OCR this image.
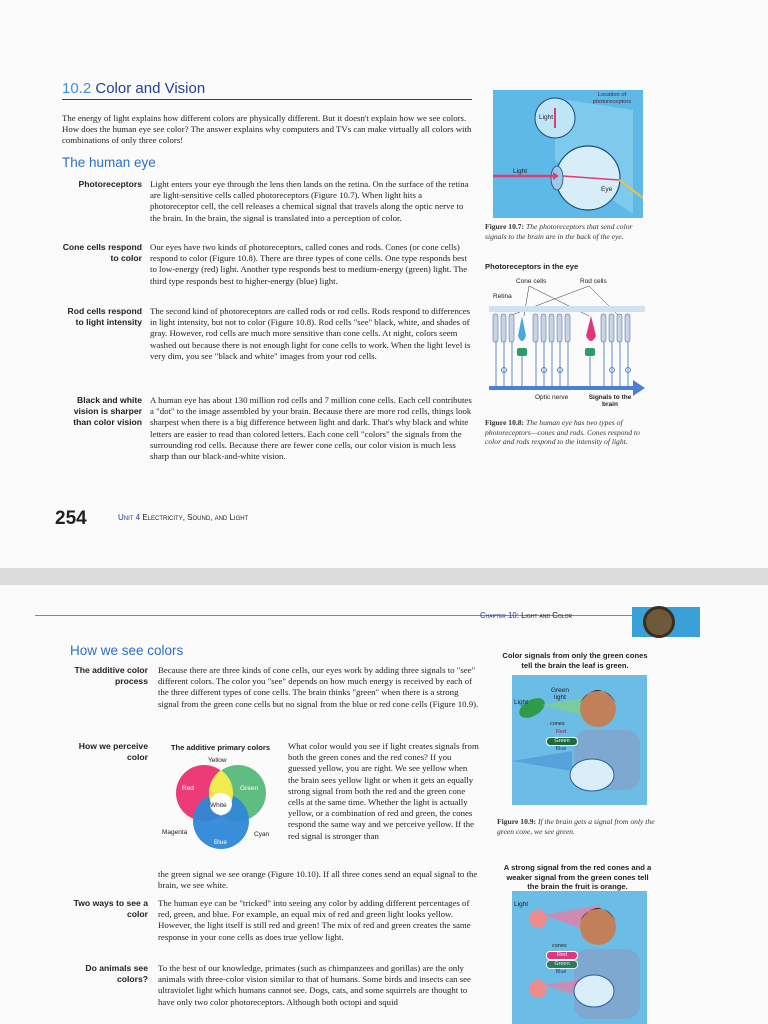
10.2 Color and Vision
The energy of light explains how different colors are physically different. But it doesn't explain how we see colors. How does the human eye see color? The answer explains why computers and TVs can make virtually all colors with combinations of only three colors!
The human eye
Photoreceptors Light enters your eye through the lens then lands on the retina. On the surface of the retina are light-sensitive cells called photoreceptors (Figure 10.7). When light hits a photoreceptor cell, the cell releases a chemical signal that travels along the optic nerve to the brain. In the brain, the signal is translated into a perception of color.
Cone cells respond to color
Our eyes have two kinds of photoreceptors, called cones and rods. Cones (or cone cells) respond to color (Figure 10.8). There are three types of cone cells. One type responds best to low-energy (red) light. Another type responds best to medium-energy (green) light. The third type responds best to higher-energy (blue) light.
Rod cells respond to light intensity
The second kind of photoreceptors are called rods or rod cells. Rods respond to differences in light intensity, but not to color (Figure 10.8). Rod cells "see" black, white, and shades of gray. However, rod cells are much more sensitive than cone cells. At night, colors seem washed out because there is not enough light for cone cells to work. When the light level is very dim, you see "black and white" images from your rod cells.
Black and white vision is sharper than color vision
A human eye has about 130 million rod cells and 7 million cone cells. Each cell contributes a "dot" to the image assembled by your brain. Because there are more rod cells, things look sharpest when there is a big difference between light and dark. That's why black and white letters are easier to read than colored letters. Each cone cell "colors" the signals from the surrounding rod cells. Because there are fewer cone cells, our color vision is much less sharp than our black-and-white vision.
Location of photoreceptors
Light
Light
Eye
Figure 10.7: The photoreceptors that send color signals to the brain are in the back of the eye.
Photoreceptors in the eye
Cone cells	Rod cells
Retina
Optic nerve	Signals to the brain
Figure 10.8: The human eye has two types of photoreceptors—cones and rods. Cones respond to color and rods respond to the intensity of light.
254	Unit 4 Electricity, Sound, and Light
Chapter 10: Light and Color
How we see colors
The additive color process
Because there are three kinds of cone cells, our eyes work by adding three signals to "see" different colors. The color you "see" depends on how much energy is received by each of the three different types of cone cells. The brain thinks "green" when there is a strong signal from the green cone cells but no signal from the blue or red cone cells (Figure 10.9).
How we perceive color
The additive primary colors
Yellow
Red	Green
White
Magenta	Cyan
Blue
What color would you see if light creates signals from both the green cones and the red cones? If you guessed yellow, you are right. We see yellow when the brain sees yellow light or when it gets an equally strong signal from both the red and the green cone cells at the same time. Whether the light is actually yellow, or a combination of red and green, the cones respond the same way and we perceive yellow. If the red signal is stronger than
the green signal we see orange (Figure 10.10). If all three cones send an equal signal to the brain, we see white.
Two ways to see a color
The human eye can be "tricked" into seeing any color by adding different percentages of red, green, and blue. For example, an equal mix of red and green light looks yellow. However, the light itself is still red and green! The mix of red and green creates the same response in your cone cells as does true yellow light.
Do animals see colors?
To the best of our knowledge, primates (such as chimpanzees and gorillas) are the only animals with three-color vision similar to that of humans. Some birds and insects can see ultraviolet light which humans cannot see. Dogs, cats, and some squirrels are thought to have only two color photoreceptors. Although both octopi and squid
Color signals from only the green cones tell the brain the leaf is green.
Light
Green light
cones
Red
Green
Blue
Figure 10.9: If the brain gets a signal from only the green cone, we see green.
A strong signal from the red cones and a weaker signal from the green cones tell the brain the fruit is orange.
Light
cones
Red
Green
Blue
